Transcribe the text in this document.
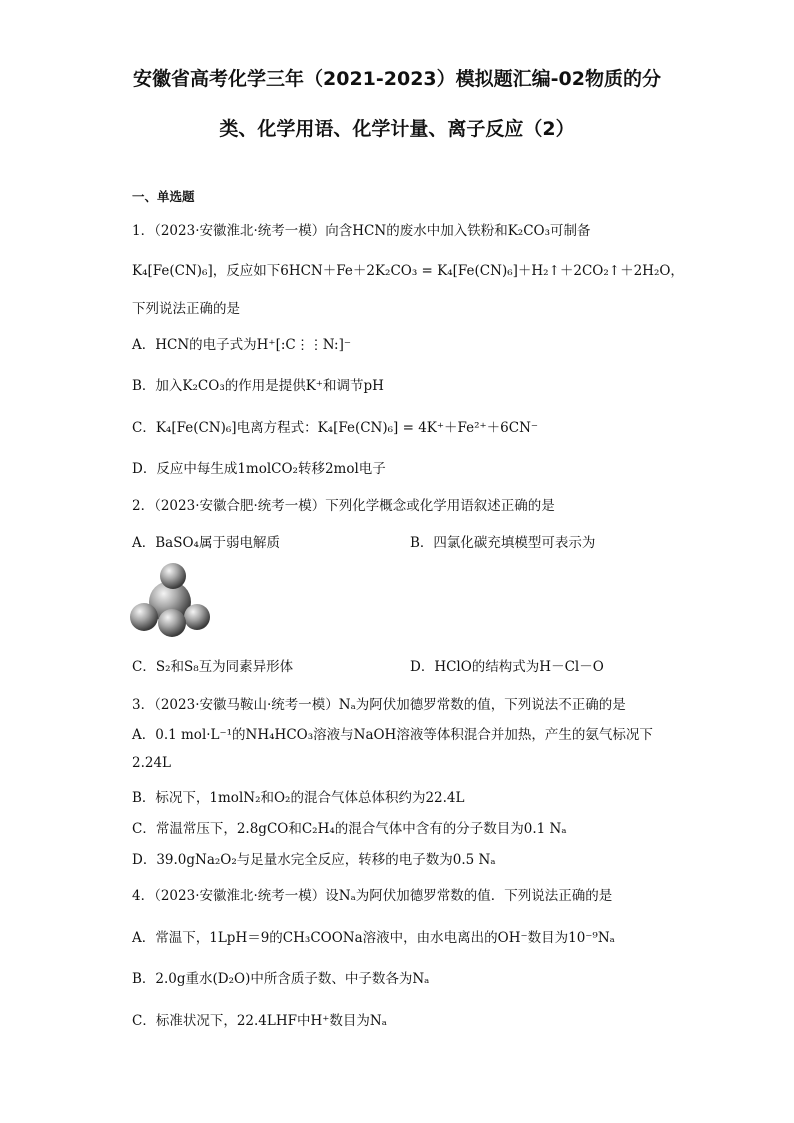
安徽省高考化学三年（2021-2023）模拟题汇编-02物质的分
类、化学用语、化学计量、离子反应（2）
一、单选题
1．（2023·安徽淮北·统考一模）向含HCN的废水中加入铁粉和K₂CO₃可制备
K₄[Fe(CN)₆]，反应如下6HCN＋Fe＋2K₂CO₃ = K₄[Fe(CN)₆]＋H₂↑＋2CO₂↑＋2H₂O，
下列说法正确的是
A．HCN的电子式为H⁺[:C⋮⋮N:]⁻
B．加入K₂CO₃的作用是提供K⁺和调节pH
C．K₄[Fe(CN)₆]电离方程式：K₄[Fe(CN)₆] = 4K⁺＋Fe²⁺＋6CN⁻
D．反应中每生成1molCO₂转移2mol电子
2．（2023·安徽合肥·统考一模）下列化学概念或化学用语叙述正确的是
A．BaSO₄属于弱电解质	B．四氯化碳充填模型可表示为
C．S₂和S₈互为同素异形体	D．HClO的结构式为H－Cl－O
3．（2023·安徽马鞍山·统考一模）Nₐ为阿伏加德罗常数的值，下列说法不正确的是
A．0.1 mol·L⁻¹的NH₄HCO₃溶液与NaOH溶液等体积混合并加热，产生的氨气标况下
2.24L
B．标况下，1molN₂和O₂的混合气体总体积约为22.4L
C．常温常压下，2.8gCO和C₂H₄的混合气体中含有的分子数目为0.1 Nₐ
D．39.0gNa₂O₂与足量水完全反应，转移的电子数为0.5 Nₐ
4．（2023·安徽淮北·统考一模）设Nₐ为阿伏加德罗常数的值．下列说法正确的是
A．常温下，1LpH＝9的CH₃COONa溶液中，由水电离出的OH⁻数目为10⁻⁹Nₐ
B．2.0g重水(D₂O)中所含质子数、中子数各为Nₐ
C．标准状况下，22.4LHF中H⁺数目为Nₐ
